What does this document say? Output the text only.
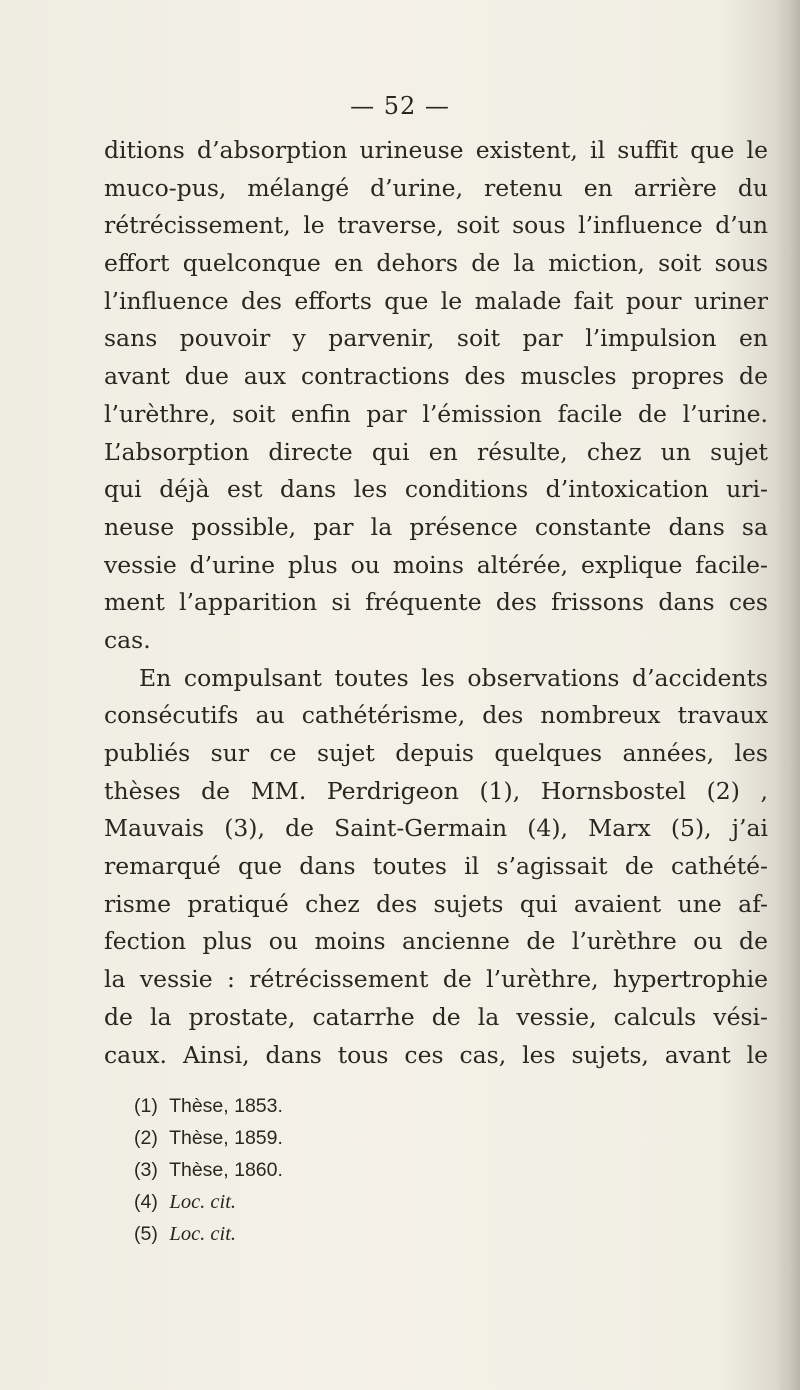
— 52 —
ditions d’absorption urineuse existent, il suffit que le
muco-pus, mélangé d’urine, retenu en arrière du
rétrécissement, le traverse, soit sous l’influence d’un
effort quelconque en dehors de la miction, soit sous
l’influence des efforts que le malade fait pour uriner
sans pouvoir y parvenir, soit par l’impulsion en
avant due aux contractions des muscles propres de
l’urèthre, soit enfin par l’émission facile de l’urine.
L’absorption directe qui en résulte, chez un sujet
qui déjà est dans les conditions d’intoxication uri-
neuse possible, par la présence constante dans sa
vessie d’urine plus ou moins altérée, explique facile-
ment l’apparition si fréquente des frissons dans ces
cas.
En compulsant toutes les observations d’accidents
consécutifs au cathétérisme, des nombreux travaux
publiés sur ce sujet depuis quelques années, les
thèses de MM. Perdrigeon (1), Hornsbostel (2) ,
Mauvais (3), de Saint-Germain (4), Marx (5), j’ai
remarqué que dans toutes il s’agissait de cathété-
risme pratiqué chez des sujets qui avaient une af-
fection plus ou moins ancienne de l’urèthre ou de
la vessie : rétrécissement de l’urèthre, hypertrophie
de la prostate, catarrhe de la vessie, calculs vési-
caux. Ainsi, dans tous ces cas, les sujets, avant le
(1) Thèse, 1853.
(2) Thèse, 1859.
(3) Thèse, 1860.
(4) Loc. cit.
(5) Loc. cit.
